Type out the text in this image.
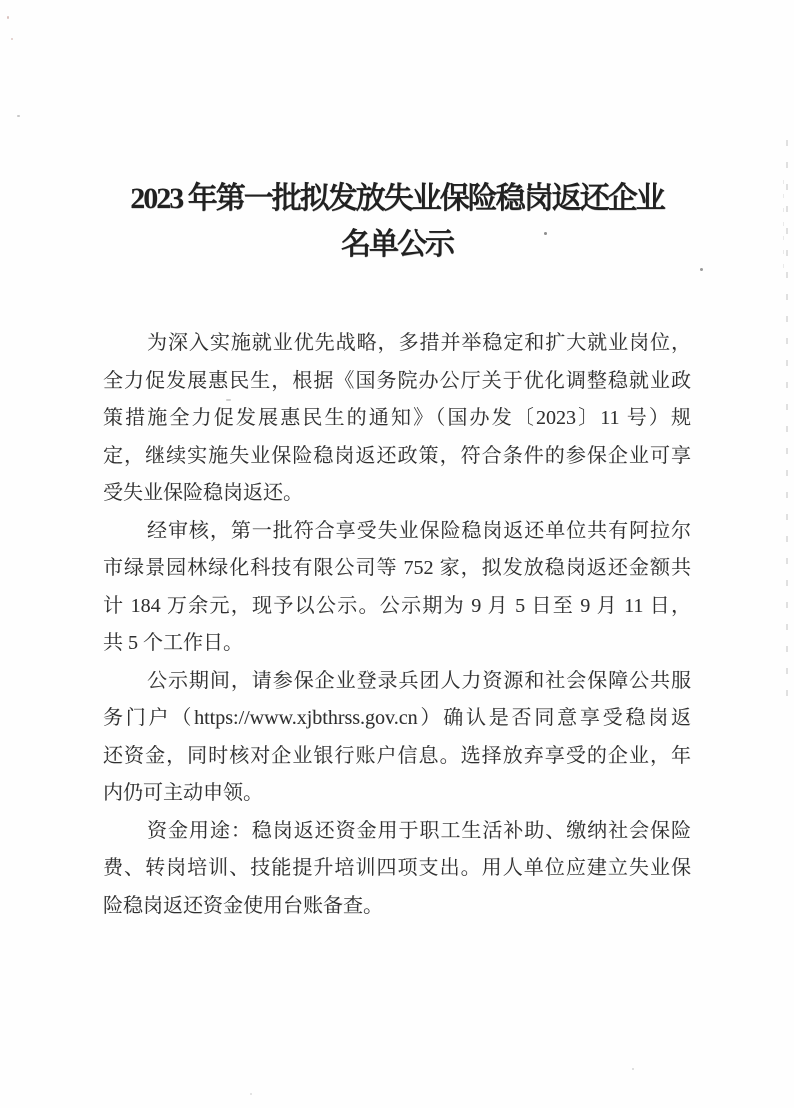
2023 年第一批拟发放失业保险稳岗返还企业
名单公示
为深入实施就业优先战略，多措并举稳定和扩大就业岗位，
全力促发展惠民生，根据《国务院办公厅关于优化调整稳就业政
策措施全力促发展惠民生的通知》（国办发〔2023〕11 号）规
定，继续实施失业保险稳岗返还政策，符合条件的参保企业可享
受失业保险稳岗返还。
经审核，第一批符合享受失业保险稳岗返还单位共有阿拉尔
市绿景园林绿化科技有限公司等 752 家，拟发放稳岗返还金额共
计 184 万余元，现予以公示。公示期为 9 月 5 日至 9 月 11 日，
共 5 个工作日。
公示期间，请参保企业登录兵团人力资源和社会保障公共服
务门户（https://www.xjbthrss.gov.cn）确认是否同意享受稳岗返
还资金，同时核对企业银行账户信息。选择放弃享受的企业，年
内仍可主动申领。
资金用途：稳岗返还资金用于职工生活补助、缴纳社会保险
费、转岗培训、技能提升培训四项支出。用人单位应建立失业保
险稳岗返还资金使用台账备查。
